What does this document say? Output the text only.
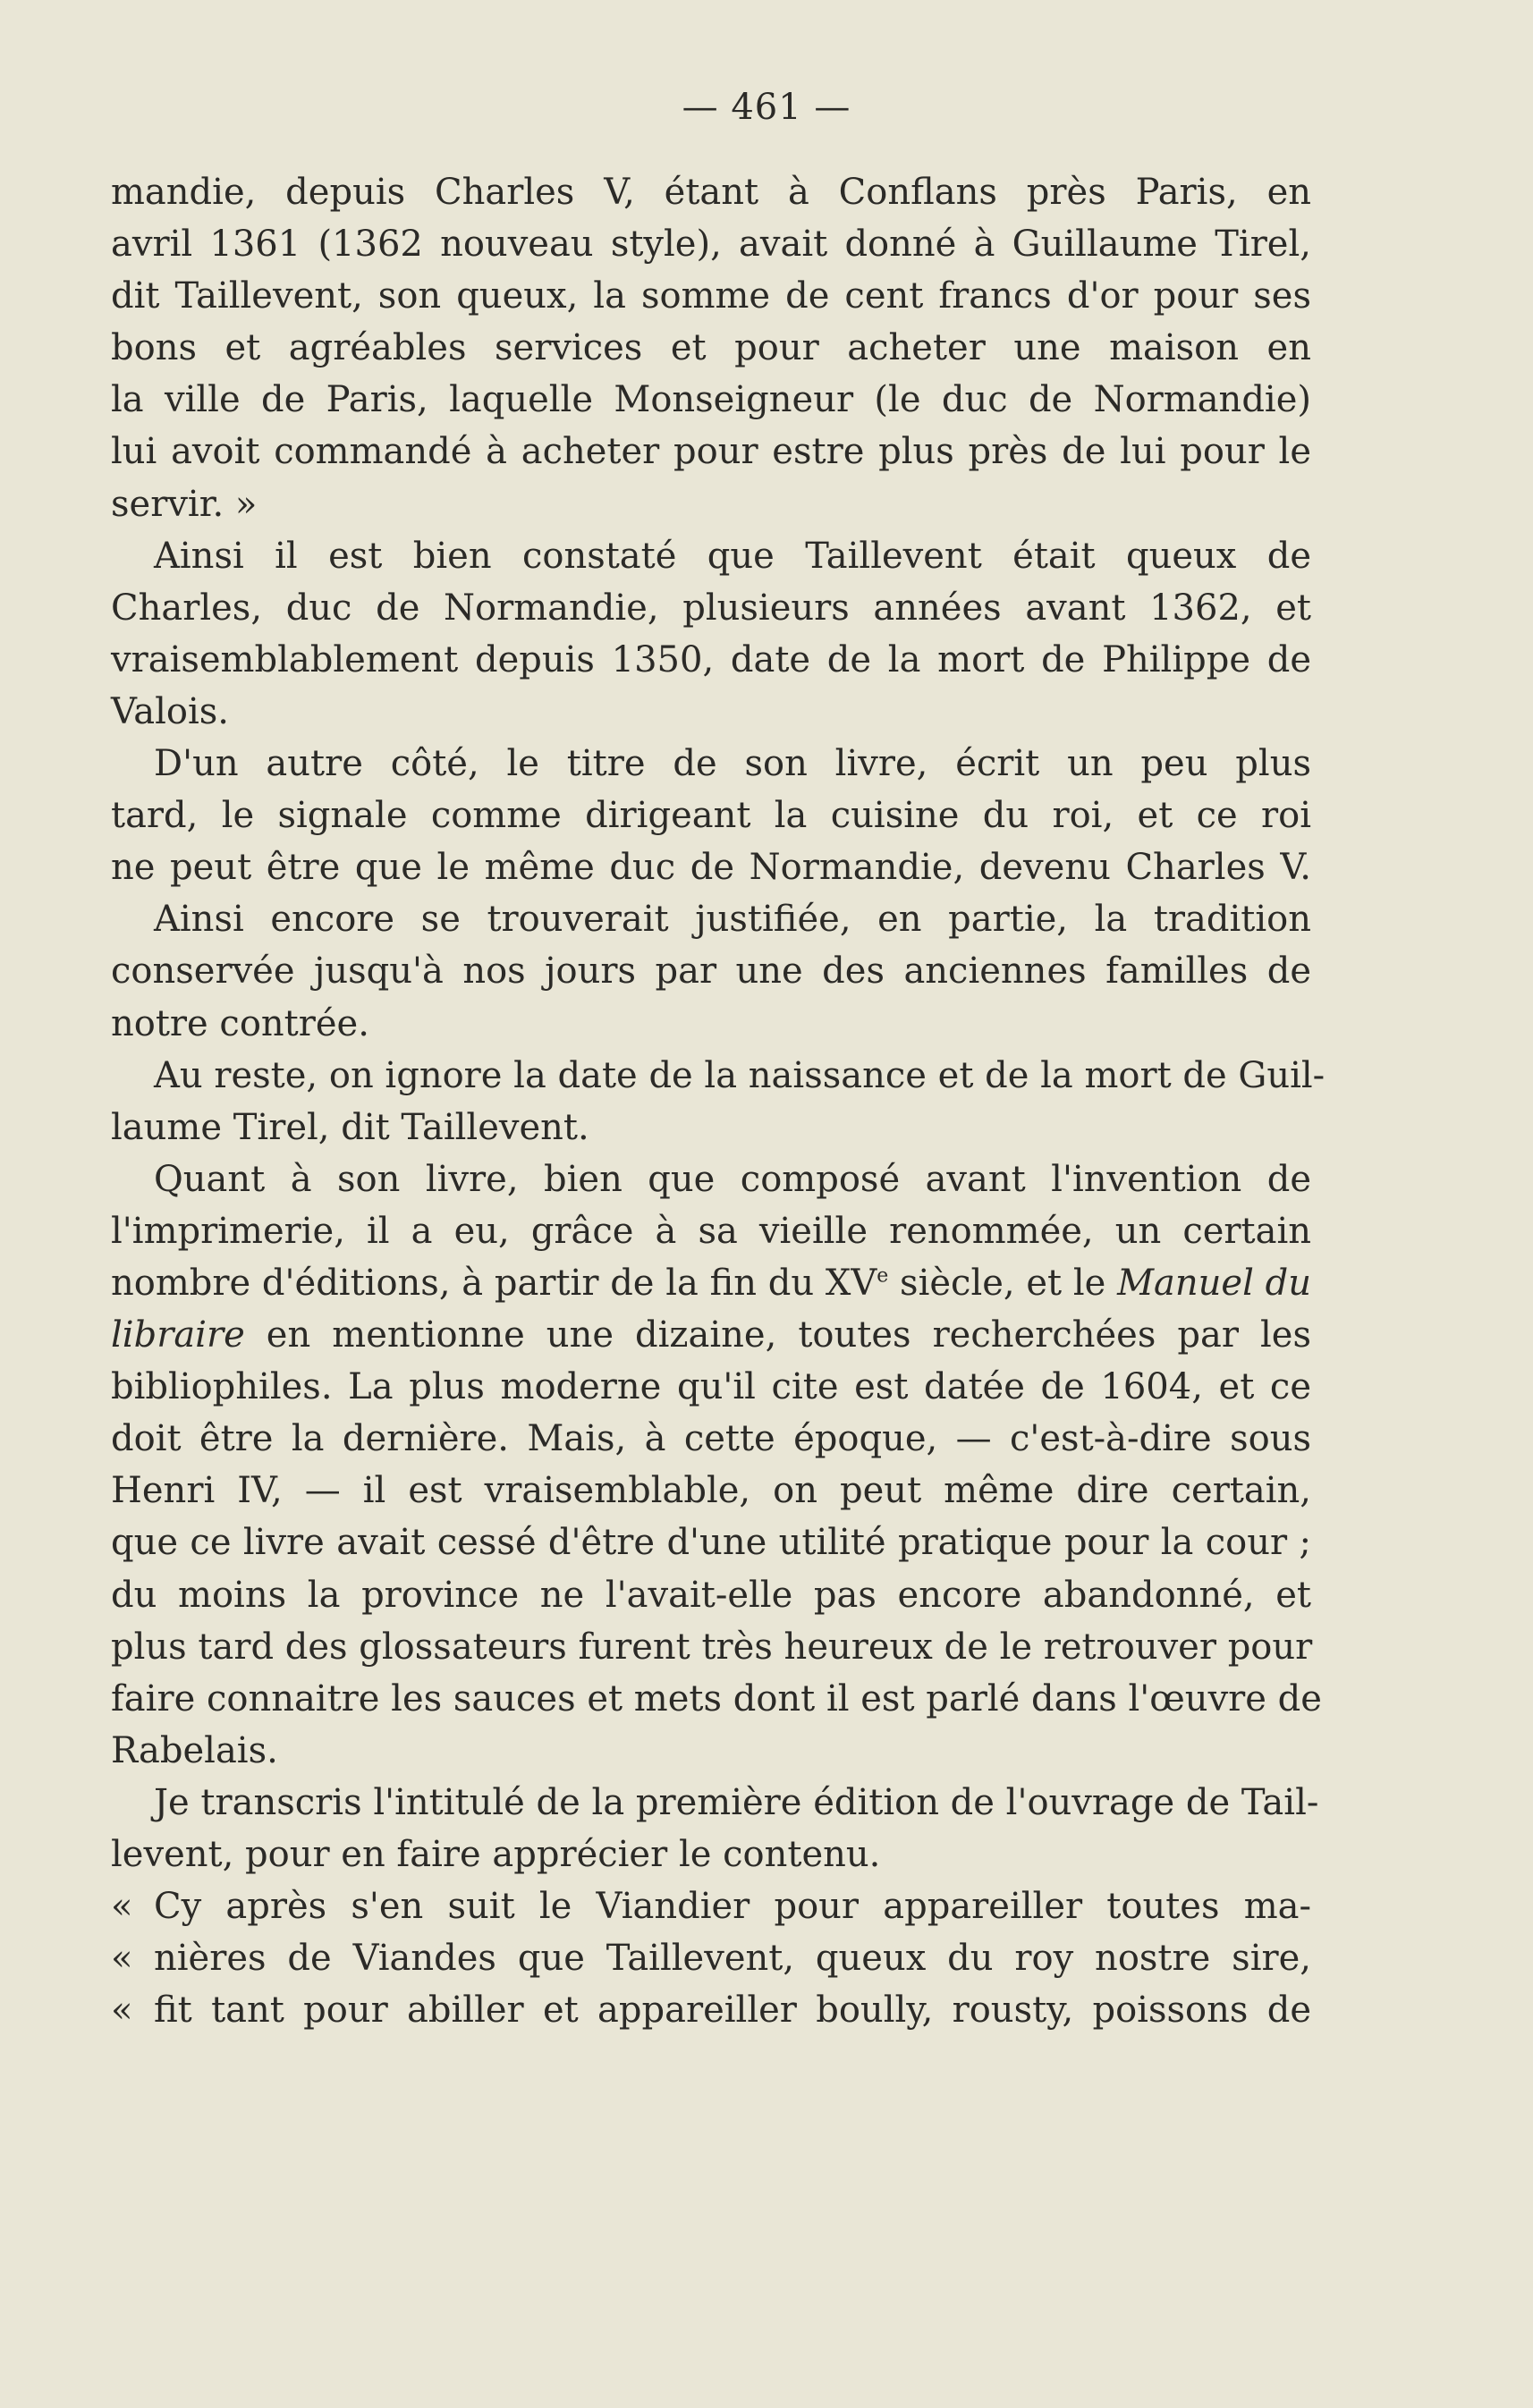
— 461 —
mandie, depuis Charles V, étant à Conflans près Paris, en
avril 1361 (1362 nouveau style), avait donné à Guillaume Tirel,
dit Taillevent, son queux, la somme de cent francs d'or pour ses
bons et agréables services et pour acheter une maison en
la ville de Paris, laquelle Monseigneur (le duc de Normandie)
lui avoit commandé à acheter pour estre plus près de lui pour le
servir. »
Ainsi il est bien constaté que Taillevent était queux de
Charles, duc de Normandie, plusieurs années avant 1362, et
vraisemblablement depuis 1350, date de la mort de Philippe de
Valois.
D'un autre côté, le titre de son livre, écrit un peu plus
tard, le signale comme dirigeant la cuisine du roi, et ce roi
ne peut être que le même duc de Normandie, devenu Charles V.
Ainsi encore se trouverait justifiée, en partie, la tradition
conservée jusqu'à nos jours par une des anciennes familles de
notre contrée.
Au reste, on ignore la date de la naissance et de la mort de Guil-
laume Tirel, dit Taillevent.
Quant à son livre, bien que composé avant l'invention de
l'imprimerie, il a eu, grâce à sa vieille renommée, un certain
nombre d'éditions, à partir de la fin du XVe siècle, et le Manuel du
libraire en mentionne une dizaine, toutes recherchées par les
bibliophiles. La plus moderne qu'il cite est datée de 1604, et ce
doit être la dernière. Mais, à cette époque, — c'est-à-dire sous
Henri IV, — il est vraisemblable, on peut même dire certain,
que ce livre avait cessé d'être d'une utilité pratique pour la cour ;
du moins la province ne l'avait-elle pas encore abandonné, et
plus tard des glossateurs furent très heureux de le retrouver pour
faire connaitre les sauces et mets dont il est parlé dans l'œuvre de
Rabelais.
Je transcris l'intitulé de la première édition de l'ouvrage de Tail-
levent, pour en faire apprécier le contenu.
« Cy après s'en suit le Viandier pour appareiller toutes ma-
« nières de Viandes que Taillevent, queux du roy nostre sire,
« fit tant pour abiller et appareiller boully, rousty, poissons de
